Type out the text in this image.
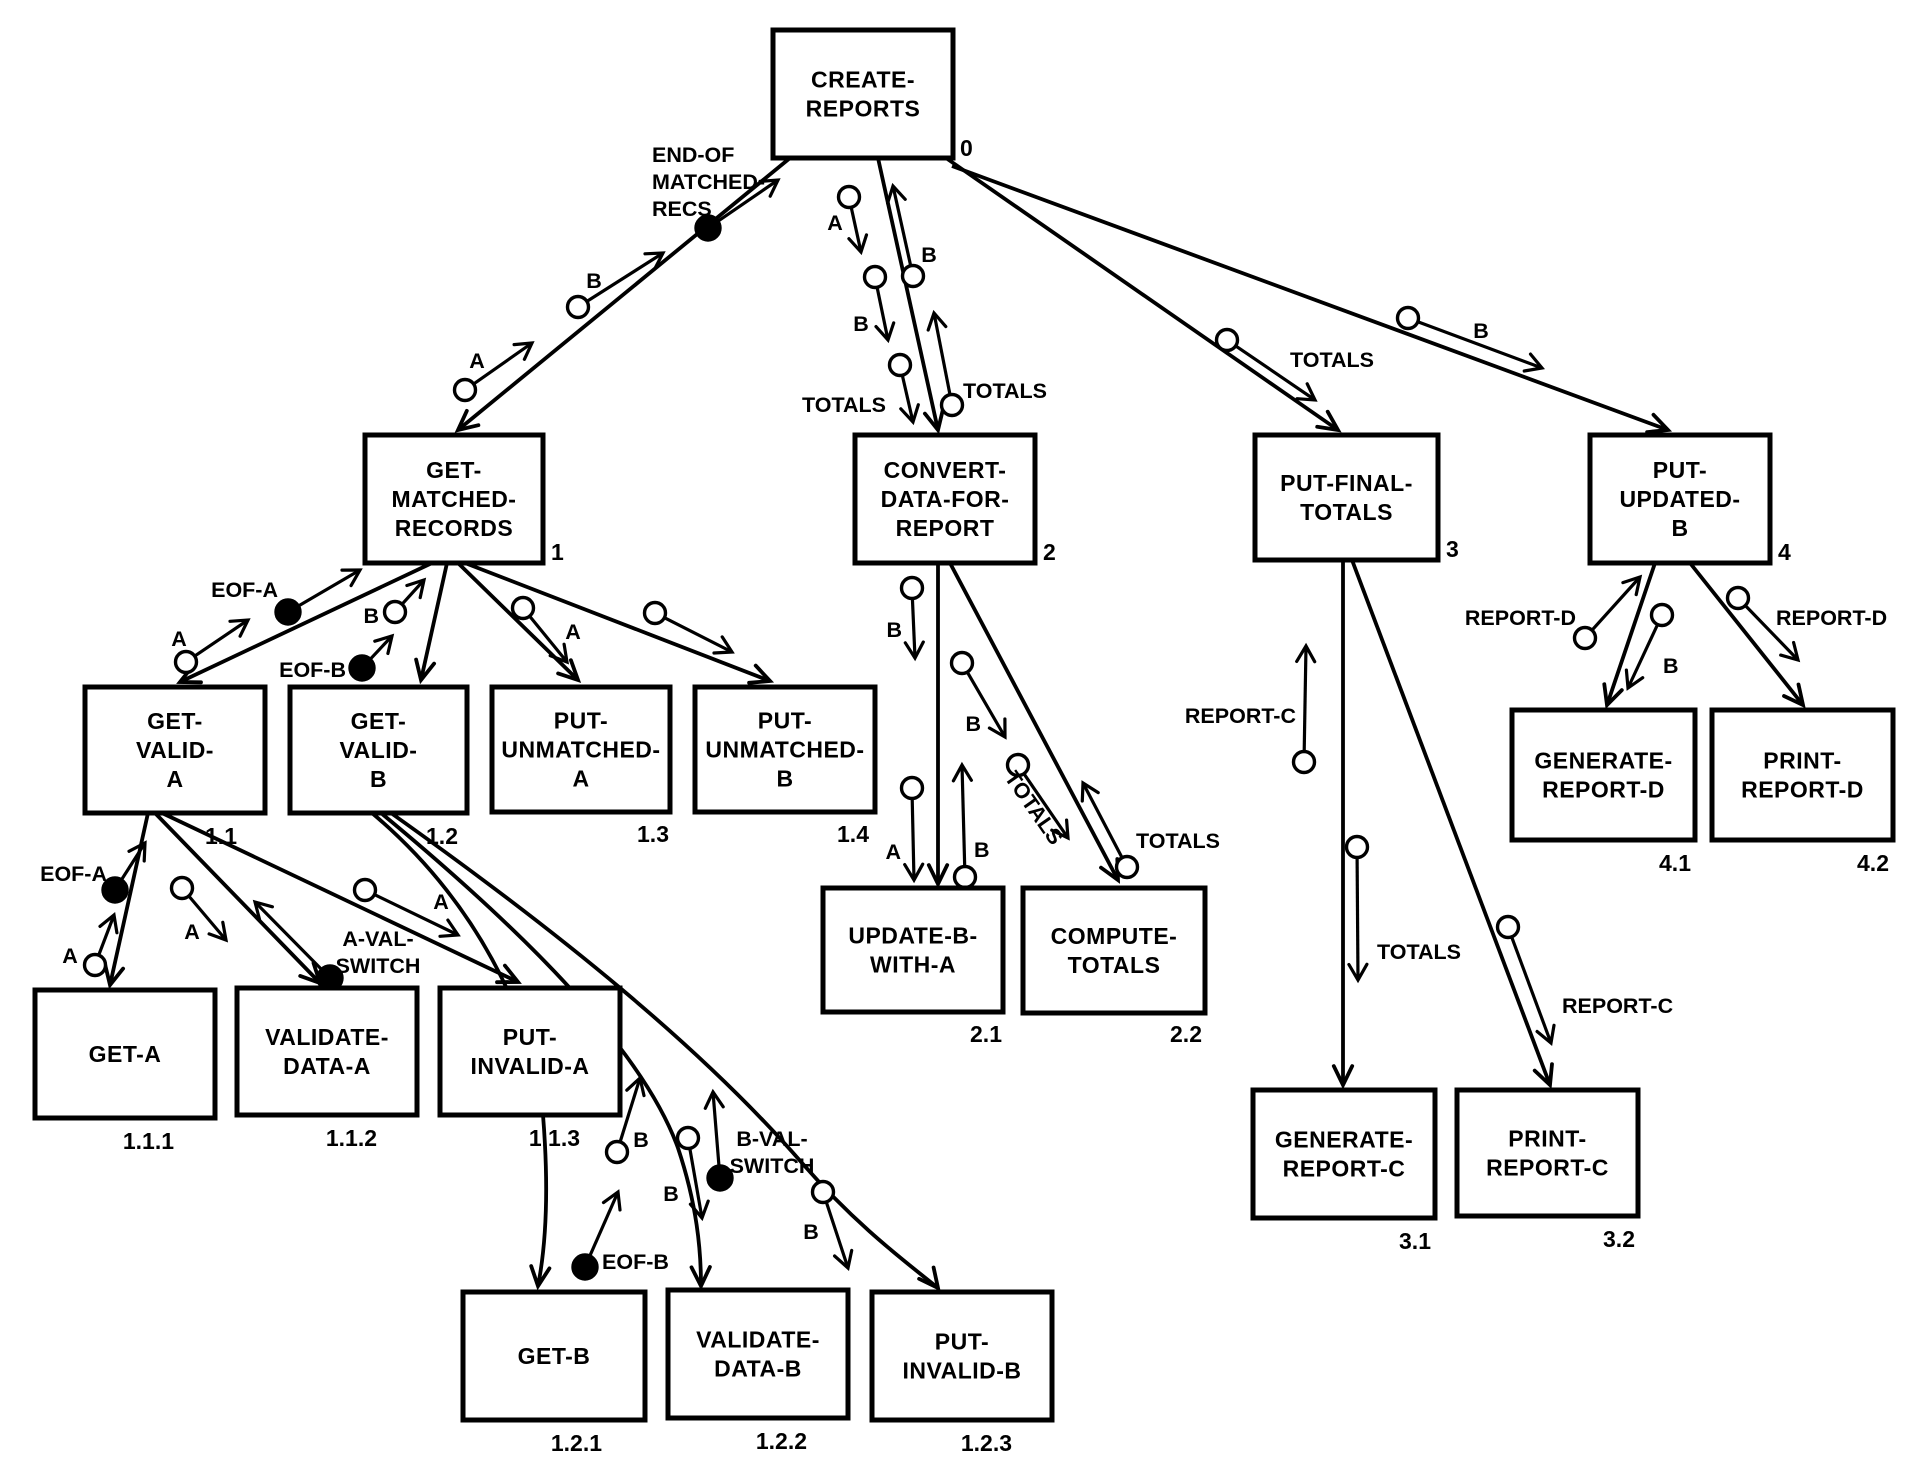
END-OF
MATCHED-
RECS
B
A
A
B
B
TOTALS
TOTALS
TOTALS
B
A
EOF-A
B
EOF-B
A
A
EOF-A
A	A-VAL-
SWITCH
A
B
EOF-B
B
B-VAL-
SWITCH
B
B
A	B
B
TOTALS	TOTALS
REPORT-C
TOTALS
REPORT-C
REPORT-D
B
REPORT-D
CREATE-
REPORTS
0
GET-
MATCHED-
RECORDS
1
CONVERT-
DATA-FOR-
REPORT
2
PUT-FINAL-
TOTALS
3
PUT-
UPDATED-
B
4
GET-
VALID-
A
1.1
GET-
VALID-
B
1.2
PUT-
UNMATCHED-
A
1.3
PUT-
UNMATCHED-
B
1.4
GET-A
1.1.1
VALIDATE-
DATA-A
1.1.2
PUT-
INVALID-A
1.1.3
GET-B
1.2.1
VALIDATE-
DATA-B
1.2.2
PUT-
INVALID-B
1.2.3
UPDATE-B-
WITH-A
2.1
COMPUTE-
TOTALS
2.2
GENERATE-
REPORT-C
3.1
PRINT-
REPORT-C
3.2
GENERATE-
REPORT-D
4.1
PRINT-
REPORT-D
4.2
